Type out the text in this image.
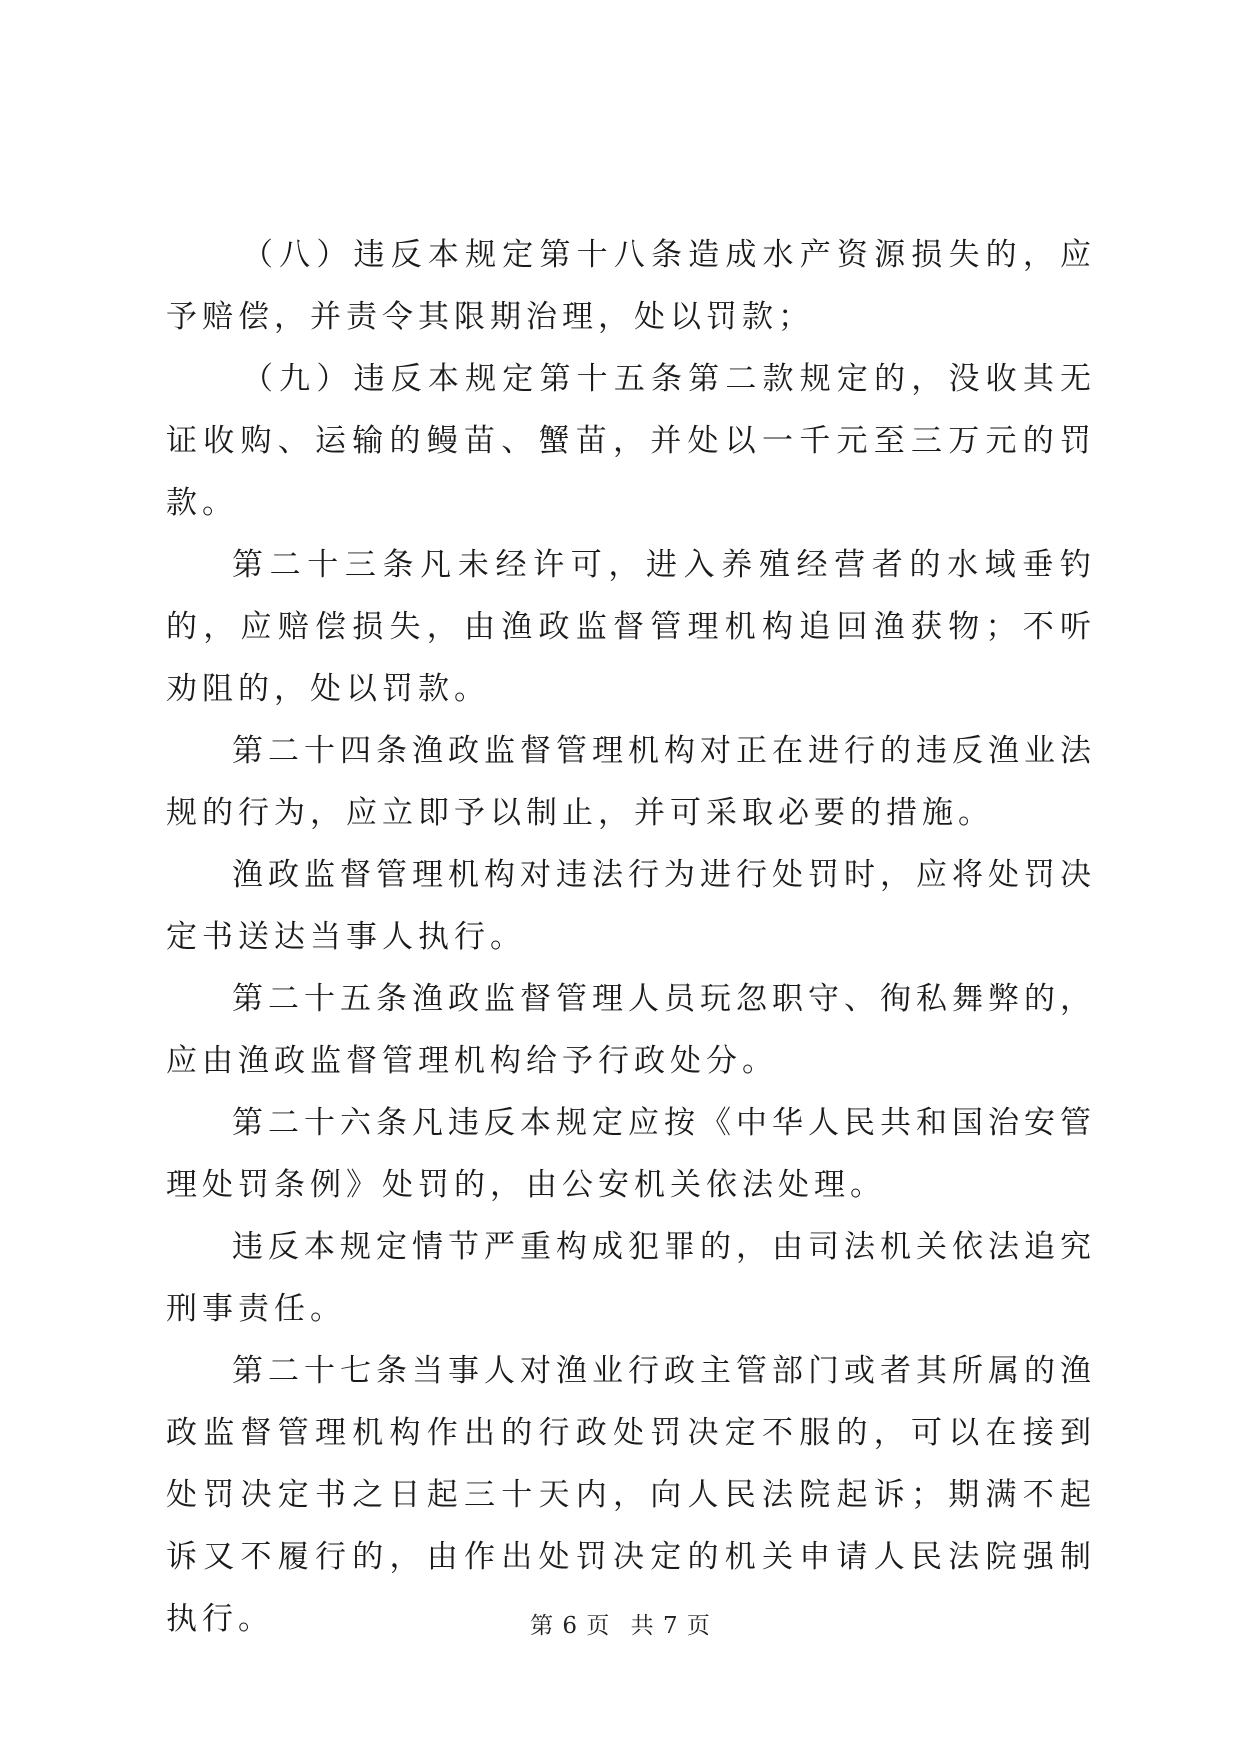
（八）违反本规定第十八条造成水产资源损失的，应予赔偿，并责令其限期治理，处以罚款；

（九）违反本规定第十五条第二款规定的，没收其无证收购、运输的鳗苗、蟹苗，并处以一千元至三万元的罚款。

第二十三条凡未经许可，进入养殖经营者的水域垂钓的，应赔偿损失，由渔政监督管理机构追回渔获物；不听劝阻的，处以罚款。

第二十四条渔政监督管理机构对正在进行的违反渔业法规的行为，应立即予以制止，并可采取必要的措施。

渔政监督管理机构对违法行为进行处罚时，应将处罚决定书送达当事人执行。

第二十五条渔政监督管理人员玩忽职守、徇私舞弊的，应由渔政监督管理机构给予行政处分。

第二十六条凡违反本规定应按《中华人民共和国治安管理处罚条例》处罚的，由公安机关依法处理。

违反本规定情节严重构成犯罪的，由司法机关依法追究刑事责任。

第二十七条当事人对渔业行政主管部门或者其所属的渔政监督管理机构作出的行政处罚决定不服的，可以在接到处罚决定书之日起三十天内，向人民法院起诉；期满不起诉又不履行的，由作出处罚决定的机关申请人民法院强制执行。	第 6 页 共 7 页
